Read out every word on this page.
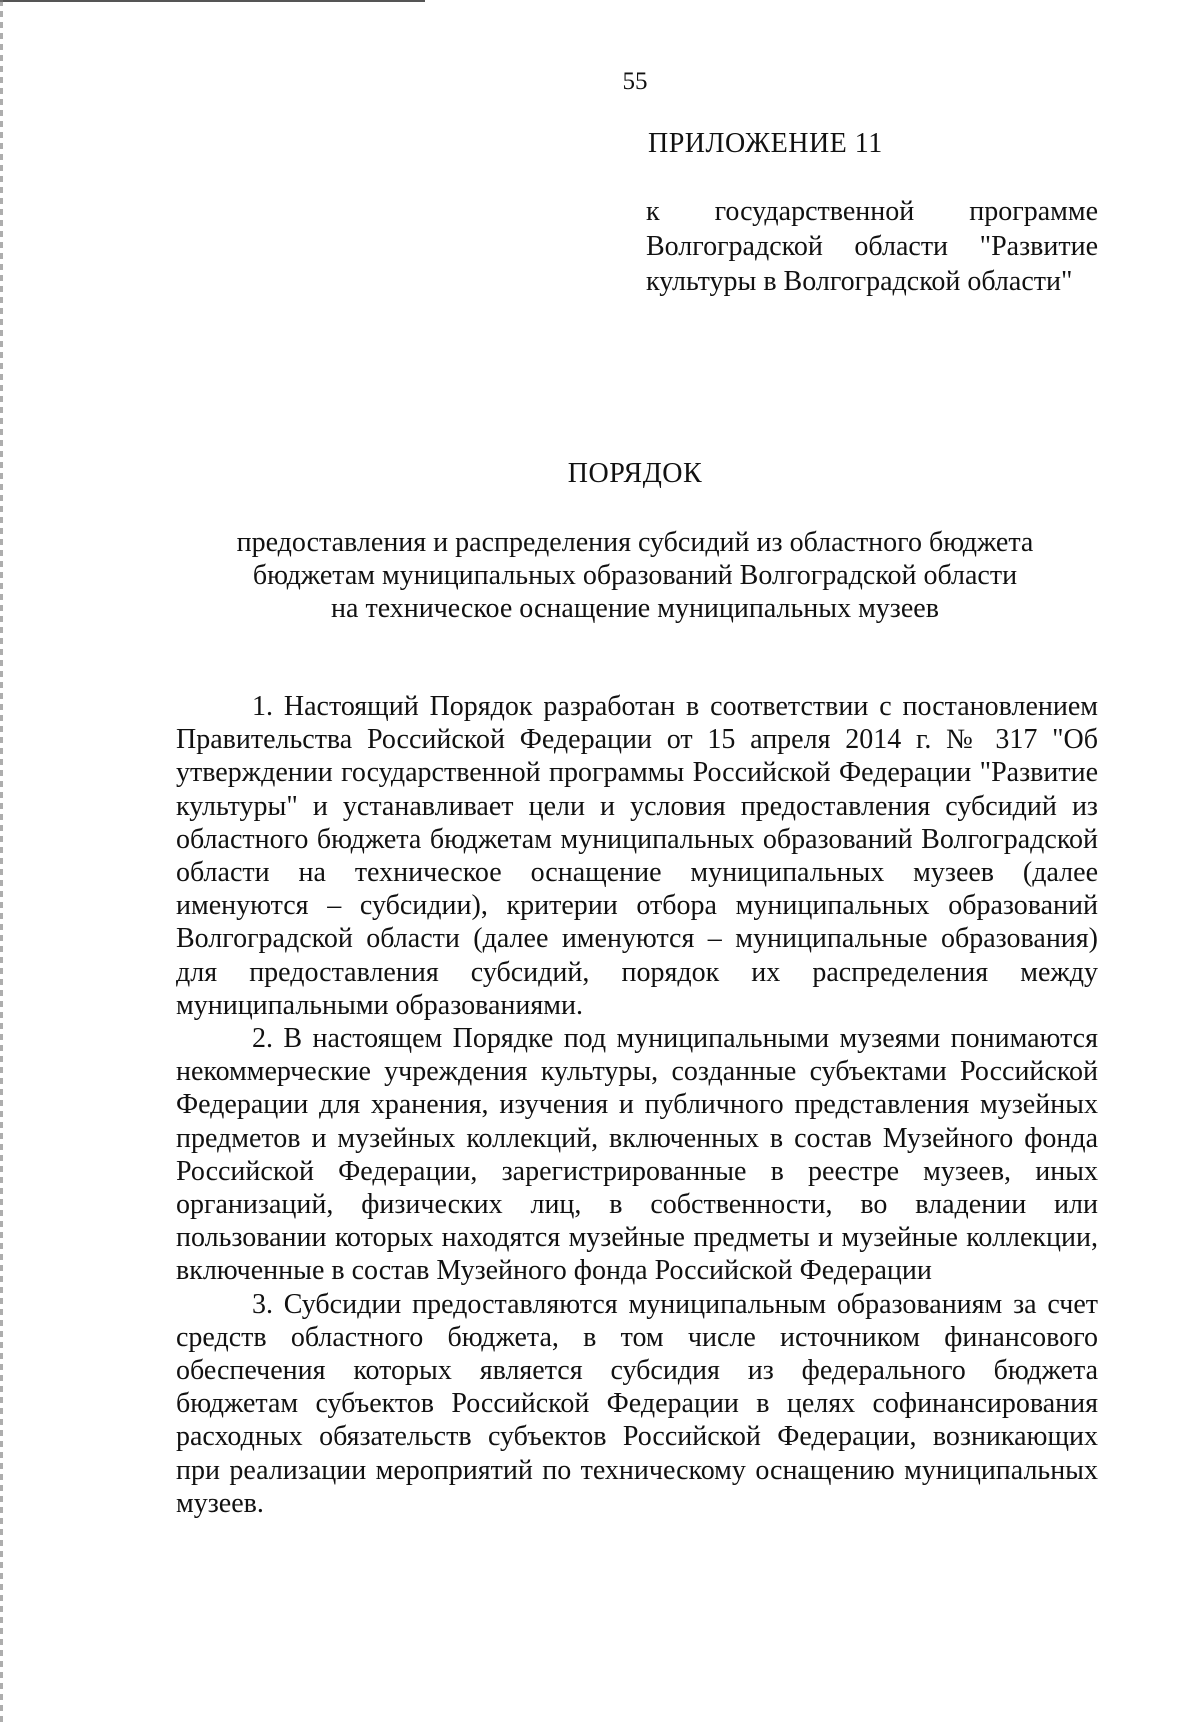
55
ПРИЛОЖЕНИЕ 11
к государственной программе Волгоградской области "Развитие культуры в Волгоградской области"
ПОРЯДОК
предоставления и распределения субсидий из областного бюджета
бюджетам муниципальных образований Волгоградской области
на техническое оснащение муниципальных музеев

1. Настоящий Порядок разработан в соответствии с постановлением Правительства Российской Федерации от 15 апреля 2014 г. № 317 "Об утверждении государственной программы Российской Федерации "Развитие культуры" и устанавливает цели и условия предоставления субсидий из областного бюджета бюджетам муниципальных образований Волгоградской области на техническое оснащение муниципальных музеев (далее именуются – субсидии), критерии отбора муниципальных образований Волгоградской области (далее именуются – муниципальные образования) для предоставления субсидий, порядок их распределения между муниципальными образованиями.

2. В настоящем Порядке под муниципальными музеями понимаются некоммерческие учреждения культуры, созданные субъектами Российской Федерации для хранения, изучения и публичного представления музейных предметов и музейных коллекций, включенных в состав Музейного фонда Российской Федерации, зарегистрированные в реестре музеев, иных организаций, физических лиц, в собственности, во владении или пользовании которых находятся музейные предметы и музейные коллекции, включенные в состав Музейного фонда Российской Федерации

3. Субсидии предоставляются муниципальным образованиям за счет средств областного бюджета, в том числе источником финансового обеспечения которых является субсидия из федерального бюджета бюджетам субъектов Российской Федерации в целях софинансирования расходных обязательств субъектов Российской Федерации, возникающих при реализации мероприятий по техническому оснащению муниципальных музеев.
